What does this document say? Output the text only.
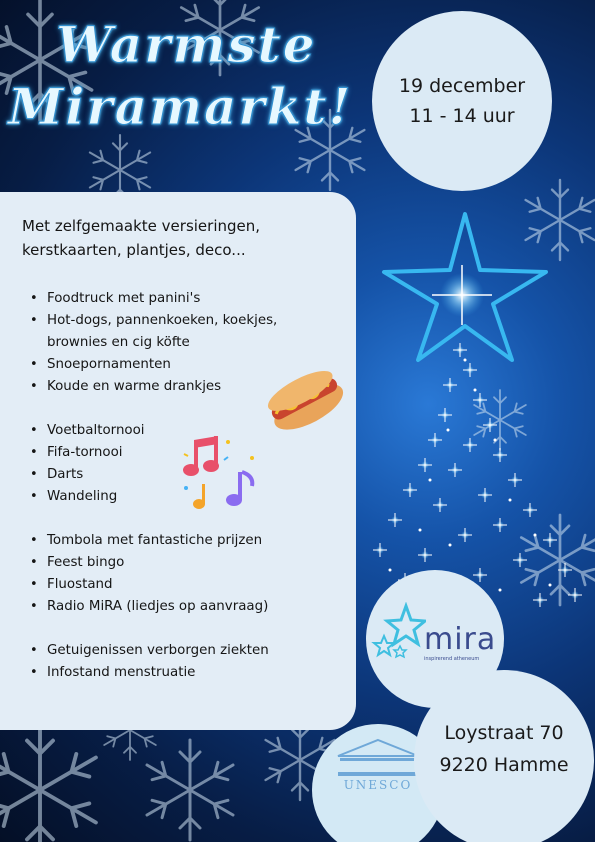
Warmste
Miramarkt!	19 december
11 - 14 uur

Met zelfgemaakte versieringen, kerstkaarten, plantjes, deco...

• Foodtruck met panini's
• Hot-dogs, pannenkoeken, koekjes, brownies en cig köfte
• Snoepornamenten
• Koude en warme drankjes
• Voetbaltornooi
• Fifa-tornooi
• Darts
• Wandeling
• Tombola met fantastiche prijzen
• Feest bingo
• Fluostand
• Radio MiRA (liedjes op aanvraag)
• Getuigenissen verborgen ziekten
• Infostand menstruatie
mira
inspirerend atheneum
UNESCO
Loystraat 70
9220 Hamme
